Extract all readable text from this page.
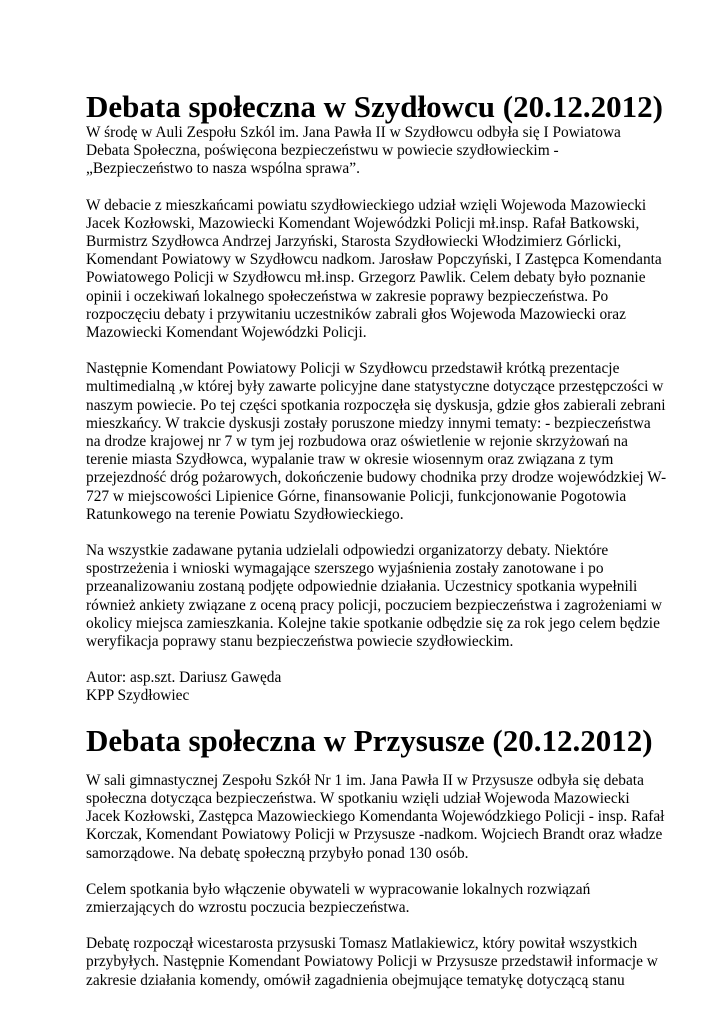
Debata społeczna w Szydłowcu (20.12.2012)

W środę w Auli Zespołu Szkól im. Jana Pawła II w Szydłowcu odbyła się I Powiatowa
Debata Społeczna, poświęcona bezpieczeństwu w powiecie szydłowieckim -
„Bezpieczeństwo to nasza wspólna sprawa”.

W debacie z mieszkańcami powiatu szydłowieckiego udział wzięli Wojewoda Mazowiecki
Jacek Kozłowski, Mazowiecki Komendant Wojewódzki Policji mł.insp. Rafał Batkowski,
Burmistrz Szydłowca Andrzej Jarzyński, Starosta Szydłowiecki Włodzimierz Górlicki,
Komendant Powiatowy w Szydłowcu nadkom. Jarosław Popczyński, I Zastępca Komendanta
Powiatowego Policji w Szydłowcu mł.insp. Grzegorz Pawlik. Celem debaty było poznanie
opinii i oczekiwań lokalnego społeczeństwa w zakresie poprawy bezpieczeństwa. Po
rozpoczęciu debaty i przywitaniu uczestników zabrali głos Wojewoda Mazowiecki oraz
Mazowiecki Komendant Wojewódzki Policji.

Następnie Komendant Powiatowy Policji w Szydłowcu przedstawił krótką prezentacje
multimedialną ,w której były zawarte policyjne dane statystyczne dotyczące przestępczości w
naszym powiecie. Po tej części spotkania rozpoczęła się dyskusja, gdzie głos zabierali zebrani
mieszkańcy. W trakcie dyskusji zostały poruszone miedzy innymi tematy: - bezpieczeństwa
na drodze krajowej nr 7 w tym jej rozbudowa oraz oświetlenie w rejonie skrzyżowań na
terenie miasta Szydłowca, wypalanie traw w okresie wiosennym oraz związana z tym
przejezdność dróg pożarowych, dokończenie budowy chodnika przy drodze wojewódzkiej W-
727 w miejscowości Lipienice Górne, finansowanie Policji, funkcjonowanie Pogotowia
Ratunkowego na terenie Powiatu Szydłowieckiego.

Na wszystkie zadawane pytania udzielali odpowiedzi organizatorzy debaty. Niektóre
spostrzeżenia i wnioski wymagające szerszego wyjaśnienia zostały zanotowane i po
przeanalizowaniu zostaną podjęte odpowiednie działania. Uczestnicy spotkania wypełnili
również ankiety związane z oceną pracy policji, poczuciem bezpieczeństwa i zagrożeniami w
okolicy miejsca zamieszkania. Kolejne takie spotkanie odbędzie się za rok jego celem będzie
weryfikacja poprawy stanu bezpieczeństwa powiecie szydłowieckim.

Autor: asp.szt. Dariusz Gawęda
KPP Szydłowiec

Debata społeczna w Przysusze (20.12.2012)

W sali gimnastycznej Zespołu Szkół Nr 1 im. Jana Pawła II w Przysusze odbyła się debata
społeczna dotycząca bezpieczeństwa. W spotkaniu wzięli udział Wojewoda Mazowiecki
Jacek Kozłowski, Zastępca Mazowieckiego Komendanta Wojewódzkiego Policji - insp. Rafał
Korczak, Komendant Powiatowy Policji w Przysusze -nadkom. Wojciech Brandt oraz władze
samorządowe. Na debatę społeczną przybyło ponad 130 osób.

Celem spotkania było włączenie obywateli w wypracowanie lokalnych rozwiązań
zmierzających do wzrostu poczucia bezpieczeństwa.

Debatę rozpoczął wicestarosta przysuski Tomasz Matlakiewicz, który powitał wszystkich
przybyłych. Następnie Komendant Powiatowy Policji w Przysusze przedstawił informacje w
zakresie działania komendy, omówił zagadnienia obejmujące tematykę dotyczącą stanu
